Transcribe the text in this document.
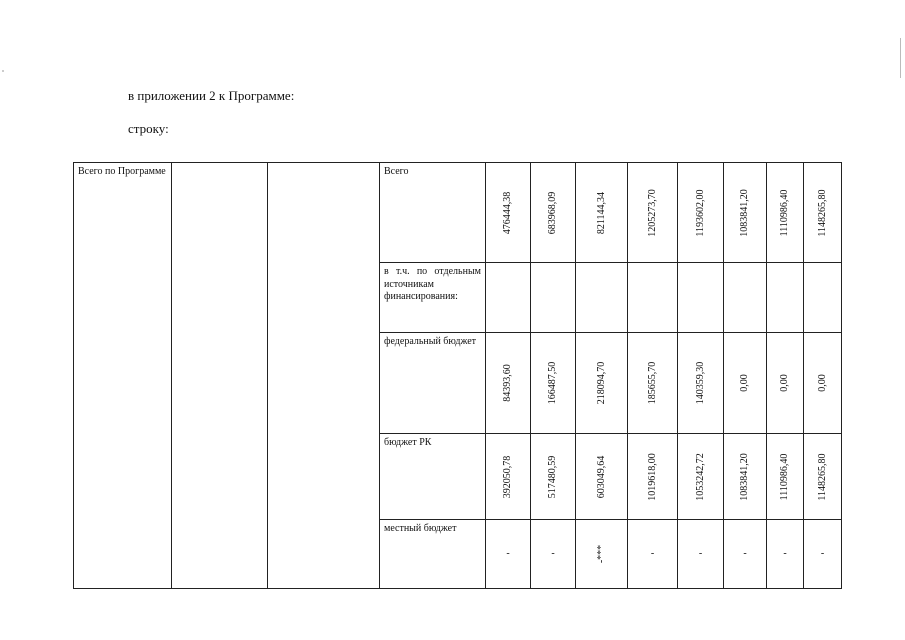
в приложении 2 к Программе:
строку:
Всего по Программе			Всего	476444,38	683968,09	821144,34	1205273,70	1193602,00	1083841,20	1110986,40	1148265,80

			в т.ч. по отдельным источникам финансирования:								

			федеральный бюджет	84393,60	166487,50	218094,70	185655,70	140359,30	0,00	0,00	0,00

			бюджет РК	392050,78	517480,59	603049,64	1019618,00	1053242,72	1083841,20	1110986,40	1148265,80

			местный бюджет	-	-	-***	-	-	-	-	-
